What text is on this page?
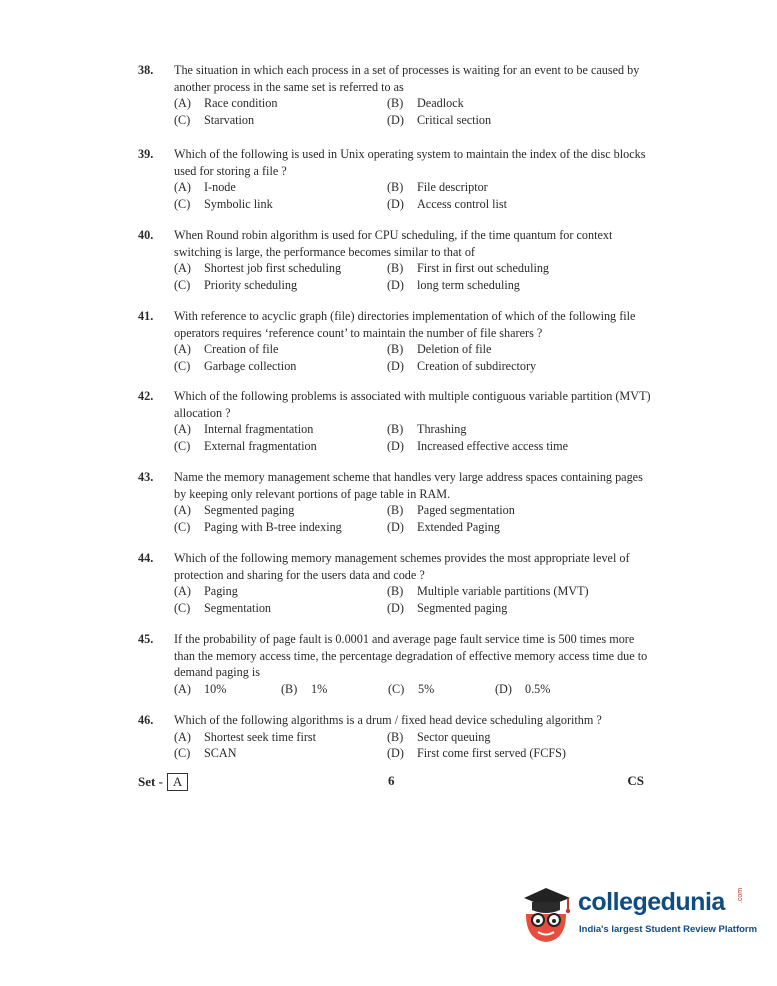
38. The situation in which each process in a set of processes is waiting for an event to be caused by another process in the same set is referred to as
(A) Race condition	(B) Deadlock
(C) Starvation	(D) Critical section
39. Which of the following is used in Unix operating system to maintain the index of the disc blocks used for storing a file ?
(A) I-node	(B) File descriptor
(C) Symbolic link	(D) Access control list
40. When Round robin algorithm is used for CPU scheduling, if the time quantum for context switching is large, the performance becomes similar to that of
(A) Shortest job first scheduling	(B) First in first out scheduling
(C) Priority scheduling	(D) long term scheduling
41. With reference to acyclic graph (file) directories implementation of which of the following file operators requires ‘reference count’ to maintain the number of file sharers ?
(A) Creation of file	(B) Deletion of file
(C) Garbage collection	(D) Creation of subdirectory
42. Which of the following problems is associated with multiple contiguous variable partition (MVT) allocation ?
(A) Internal fragmentation	(B) Thrashing
(C) External fragmentation	(D) Increased effective access time
43. Name the memory management scheme that handles very large address spaces containing pages by keeping only relevant portions of page table in RAM.
(A) Segmented paging	(B) Paged segmentation
(C) Paging with B-tree indexing	(D) Extended Paging
44. Which of the following memory management schemes provides the most appropriate level of protection and sharing for the users data and code ?
(A) Paging	(B) Multiple variable partitions (MVT)
(C) Segmentation	(D) Segmented paging
45. If the probability of page fault is 0.0001 and average page fault service time is 500 times more than the memory access time, the percentage degradation of effective memory access time due to demand paging is
(A) 10%	(B) 1%	(C) 5%	(D) 0.5%
46. Which of the following algorithms is a drum / fixed head device scheduling algorithm ?
(A) Shortest seek time first	(B) Sector queuing
(C) SCAN	(D) First come first served (FCFS)
Set - A	6	CS
collegedunia .com
India's largest Student Review Platform
